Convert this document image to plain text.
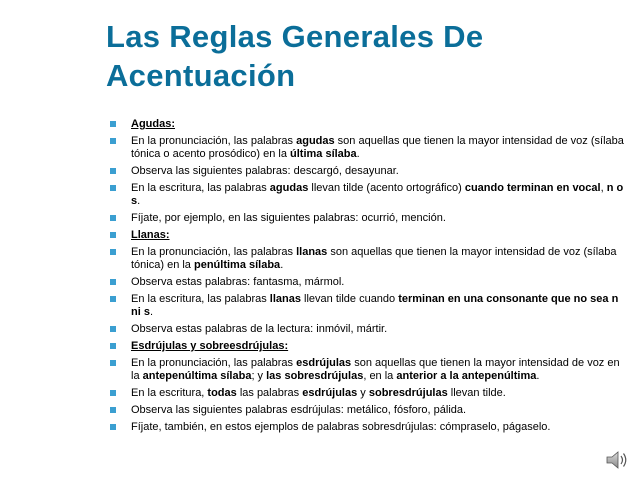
Las Reglas Generales De
Acentuación
Agudas:
En la pronunciación, las palabras agudas son aquellas que tienen la mayor intensidad de voz (sílaba tónica o acento prosódico) en la última sílaba.
Observa las siguientes palabras: descargó, desayunar.
En la escritura, las palabras agudas llevan tilde (acento ortográfico) cuando terminan en vocal, n o s.
Fíjate, por ejemplo, en las siguientes palabras: ocurrió, mención.
Llanas:
En la pronunciación, las palabras llanas son aquellas que tienen la mayor intensidad de voz (sílaba tónica) en la penúltima sílaba.
Observa estas palabras: fantasma, mármol.
En la escritura, las palabras llanas llevan tilde cuando terminan en una consonante que no sea n ni s.
Observa estas palabras de la lectura: inmóvil, mártir.
Esdrújulas y sobreesdrújulas:
En la pronunciación, las palabras esdrújulas son aquellas que tienen la mayor intensidad de voz en la antepenúltima sílaba; y las sobresdrújulas, en la anterior a la antepenúltima.
En la escritura, todas las palabras esdrújulas y sobresdrújulas llevan tilde.
Observa las siguientes palabras esdrújulas: metálico, fósforo, pálida.
Fíjate, también, en estos ejemplos de palabras sobresdrújulas: cómpraselo, págaselo.
